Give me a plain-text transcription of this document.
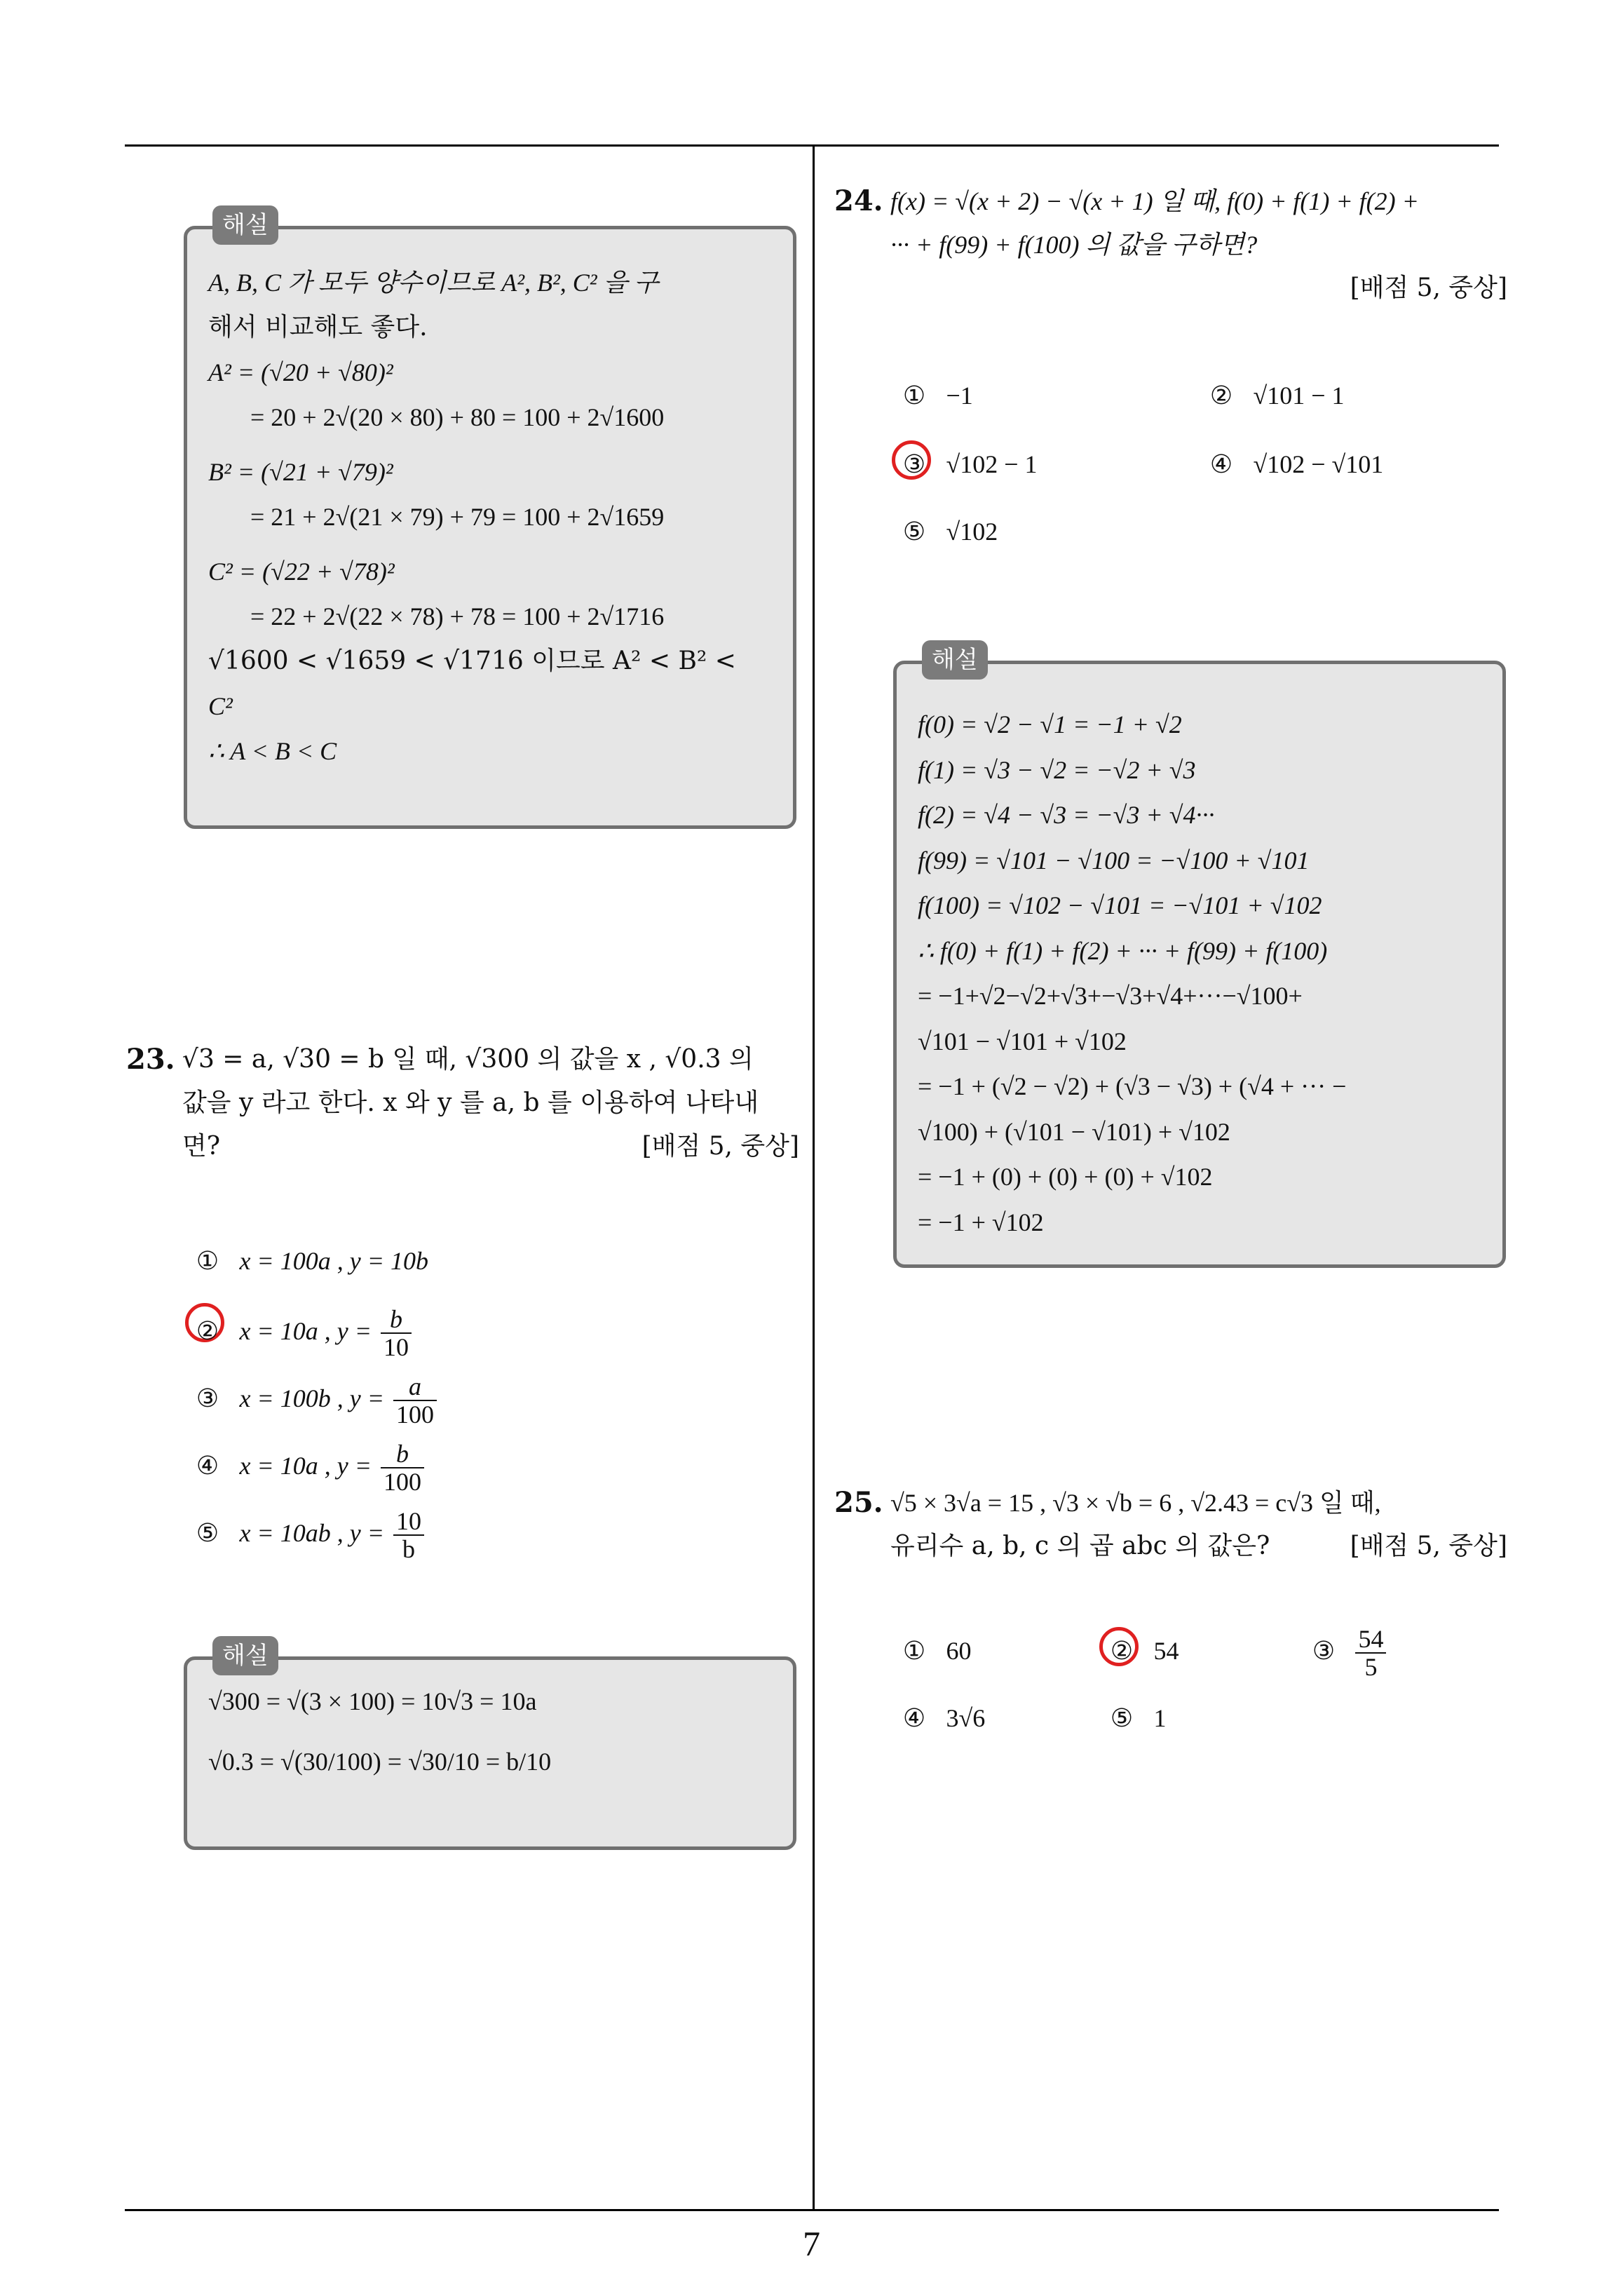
7
해설
A, B, C 가 모두 양수이므로 A², B², C² 을 구
해서 비교해도 좋다.
A² = (√20 + √80)²
= 20 + 2√(20 × 80) + 80 = 100 + 2√1600
B² = (√21 + √79)²
= 21 + 2√(21 × 79) + 79 = 100 + 2√1659
C² = (√22 + √78)²
= 22 + 2√(22 × 78) + 78 = 100 + 2√1716
√1600 < √1659 < √1716 이므로 A² < B² <
C²
∴ A < B < C
23. √3 = a, √30 = b 일 때, √300 의 값을 x , √0.3 의
값을 y 라고 한다. x 와 y 를 a, b 를 이용하여 나타내
면?	[배점 5, 중상]
① x = 100a , y = 10b
② x = 10a , $y = \frac{b}{10}$
③ x = 100b , $y = \frac{a}{100}$
④ x = 10a , $y = \frac{b}{100}$
⑤ x = 10ab , $y = \frac{10}{b}$
해설
√300 = √(3 × 100) = 10√3 = 10a
√0.3 = √(30/100) = √30/10 = b/10
24. f(x) = √(x + 2) − √(x + 1) 일 때, f(0) + f(1) + f(2) +
··· + f(99) + f(100) 의 값을 구하면?
[배점 5, 중상]
① −1	② √101 − 1
③ √102 − 1	④ √102 − √101
⑤ √102
해설
f(0) = √2 − √1 = −1 + √2
f(1) = √3 − √2 = −√2 + √3
f(2) = √4 − √3 = −√3 + √4···
f(99) = √101 − √100 = −√100 + √101
f(100) = √102 − √101 = −√101 + √102
∴ f(0) + f(1) + f(2) + ··· + f(99) + f(100)
= −1+√2−√2+√3+−√3+√4+···−√100+
√101 − √101 + √102
= −1 + (√2 − √2) + (√3 − √3) + (√4 + ··· −
√100) + (√101 − √101) + √102
= −1 + (0) + (0) + (0) + √102
= −1 + √102
25. √5 × 3√a = 15 , √3 × √b = 6 , √2.43 = c√3 일 때,
유리수 a, b, c 의 곱 abc 의 값은?	[배점 5, 중상]
① 60	② 54	③ $\frac{54}{5}$
④ 3√6	⑤ 1
